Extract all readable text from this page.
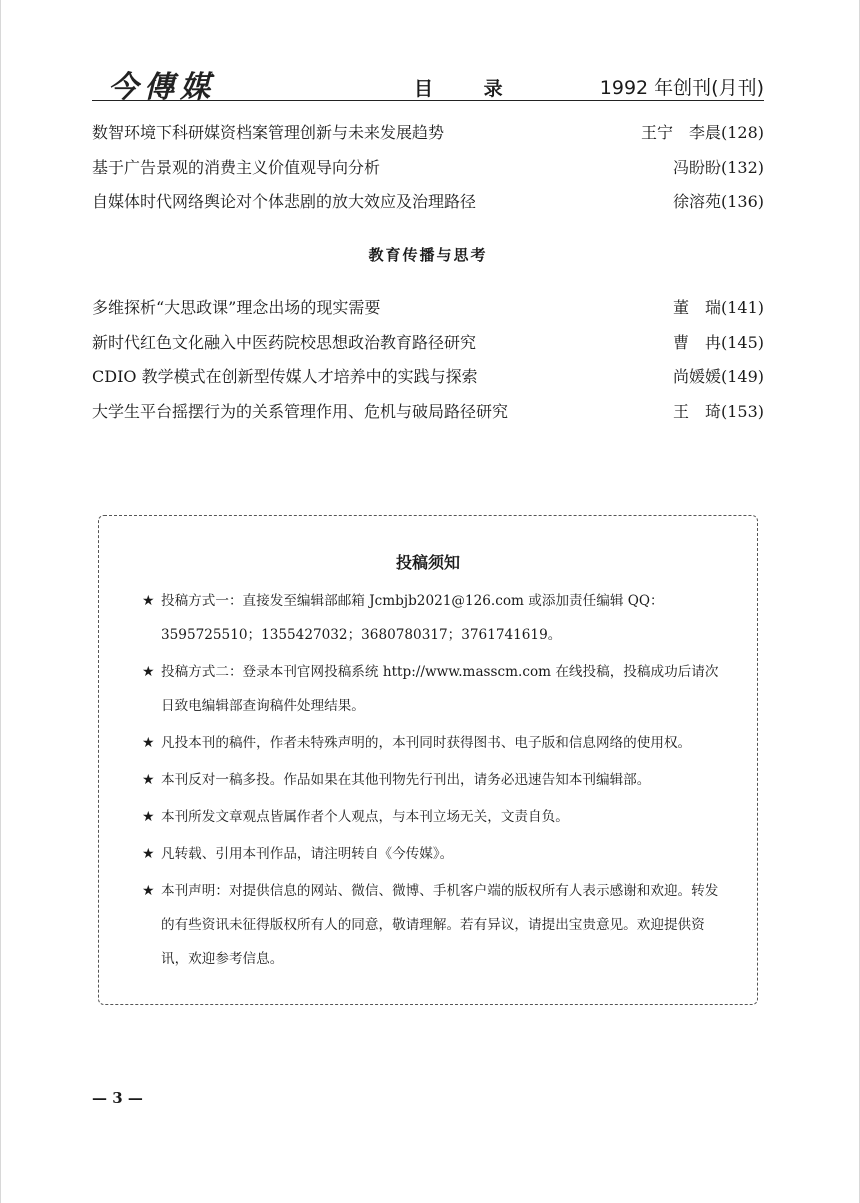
今傳媒	目 录	1992 年创刊(月刊)
数智环境下科研媒资档案管理创新与未来发展趋势	王宁　李晨(128)
基于广告景观的消费主义价值观导向分析	冯盼盼(132)
自媒体时代网络舆论对个体悲剧的放大效应及治理路径	徐溶苑(136)
教育传播与思考
多维探析“大思政课”理念出场的现实需要	董　瑞(141)
新时代红色文化融入中医药院校思想政治教育路径研究	曹　冉(145)
CDIO 教学模式在创新型传媒人才培养中的实践与探索	尚媛媛(149)
大学生平台摇摆行为的关系管理作用、危机与破局路径研究	王　琦(153)
投稿须知
★ 投稿方式一：直接发至编辑部邮箱 Jcmbjb2021@126.com 或添加责任编辑 QQ：3595725510；1355427032；3680780317；3761741619。
★ 投稿方式二：登录本刊官网投稿系统 http://www.masscm.com 在线投稿，投稿成功后请次日致电编辑部查询稿件处理结果。
★ 凡投本刊的稿件，作者未特殊声明的，本刊同时获得图书、电子版和信息网络的使用权。
★ 本刊反对一稿多投。作品如果在其他刊物先行刊出，请务必迅速告知本刊编辑部。
★ 本刊所发文章观点皆属作者个人观点，与本刊立场无关，文责自负。
★ 凡转载、引用本刊作品，请注明转自《今传媒》。
★ 本刊声明：对提供信息的网站、微信、微博、手机客户端的版权所有人表示感谢和欢迎。转发的有些资讯未征得版权所有人的同意，敬请理解。若有异议，请提出宝贵意见。欢迎提供资讯，欢迎参考信息。
— 3 —
